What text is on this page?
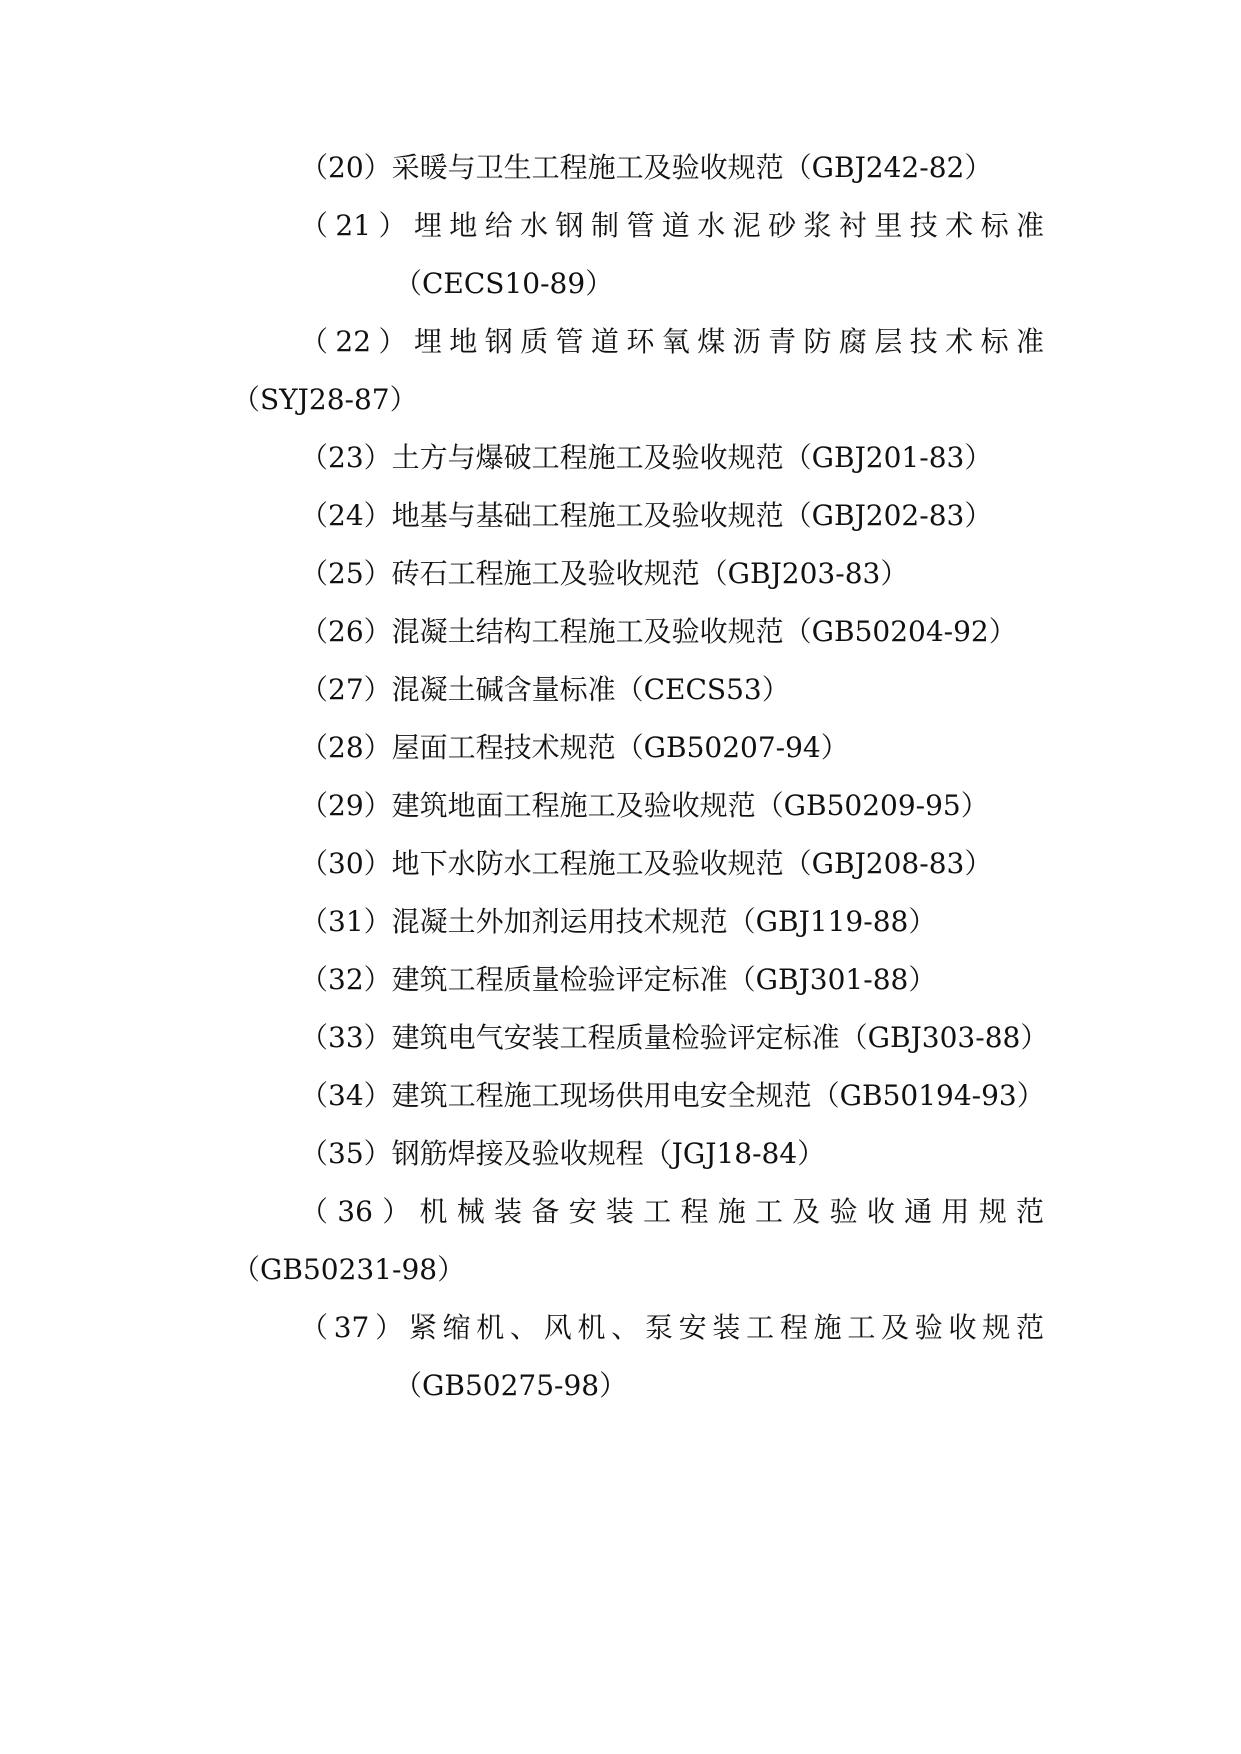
（20）采暖与卫生工程施工及验收规范（GBJ242-82）
（21）埋地给水钢制管道水泥砂浆衬里技术标准
（CECS10-89）
（22）埋地钢质管道环氧煤沥青防腐层技术标准
（SYJ28-87）
（23）土方与爆破工程施工及验收规范（GBJ201-83）
（24）地基与基础工程施工及验收规范（GBJ202-83）
（25）砖石工程施工及验收规范（GBJ203-83）
（26）混凝土结构工程施工及验收规范（GB50204-92）
（27）混凝土碱含量标准（CECS53）
（28）屋面工程技术规范（GB50207-94）
（29）建筑地面工程施工及验收规范（GB50209-95）
（30）地下水防水工程施工及验收规范（GBJ208-83）
（31）混凝土外加剂运用技术规范（GBJ119-88）
（32）建筑工程质量检验评定标准（GBJ301-88）
（33）建筑电气安装工程质量检验评定标准（GBJ303-88）
（34）建筑工程施工现场供用电安全规范（GB50194-93）
（35）钢筋焊接及验收规程（JGJ18-84）
（36）机械装备安装工程施工及验收通用规范
（GB50231-98）
（37）紧缩机、风机、泵安装工程施工及验收规范
（GB50275-98）
